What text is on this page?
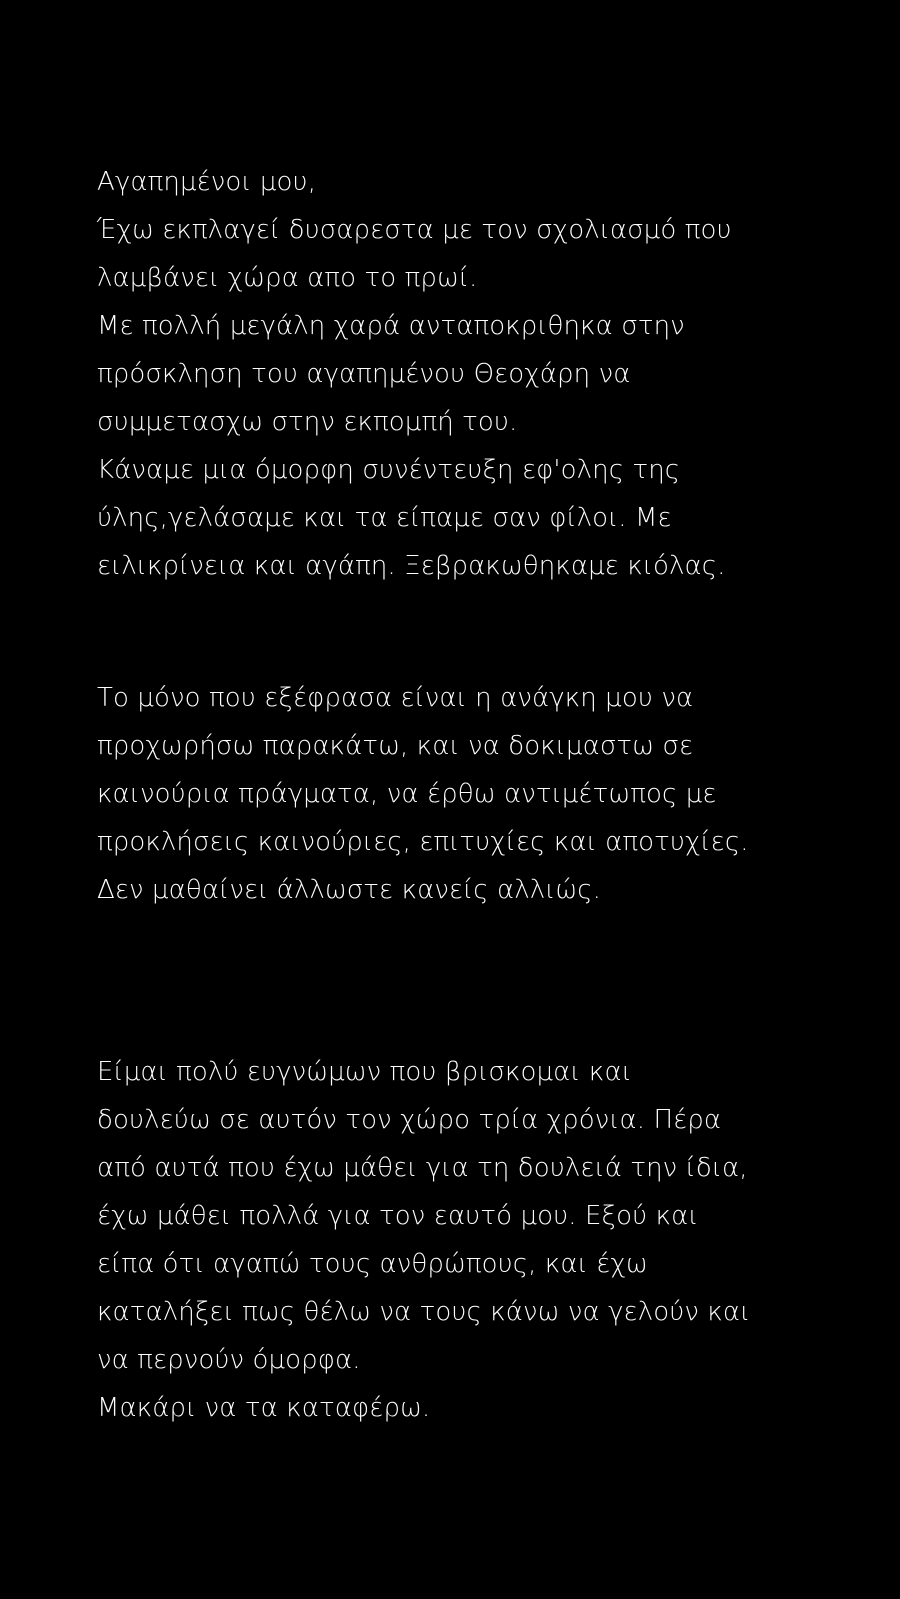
Αγαπημένοι μου,

Έχω εκπλαγεί δυσαρεστα με τον σχολιασμό που

λαμβάνει χώρα απο το πρωί.

Με πολλή μεγάλη χαρά ανταποκριθηκα στην

πρόσκληση του αγαπημένου Θεοχάρη να

συμμετασχω στην εκπομπή του.

Κάναμε μια όμορφη συνέντευξη εφ'ολης της

ύλης,γελάσαμε και τα είπαμε σαν φίλοι. Με

ειλικρίνεια και αγάπη. Ξεβρακωθηκαμε κιόλας.

Το μόνο που εξέφρασα είναι η ανάγκη μου να

προχωρήσω παρακάτω, και να δοκιμαστω σε

καινούρια πράγματα, να έρθω αντιμέτωπος με

προκλήσεις καινούριες, επιτυχίες και αποτυχίες.

Δεν μαθαίνει άλλωστε κανείς αλλιώς.

Είμαι πολύ ευγνώμων που βρισκομαι και

δουλεύω σε αυτόν τον χώρο τρία χρόνια. Πέρα

από αυτά που έχω μάθει για τη δουλειά την ίδια,

έχω μάθει πολλά για τον εαυτό μου. Εξού και

είπα ότι αγαπώ τους ανθρώπους, και έχω

καταλήξει πως θέλω να τους κάνω να γελούν και

να περνούν όμορφα.

Μακάρι να τα καταφέρω.
